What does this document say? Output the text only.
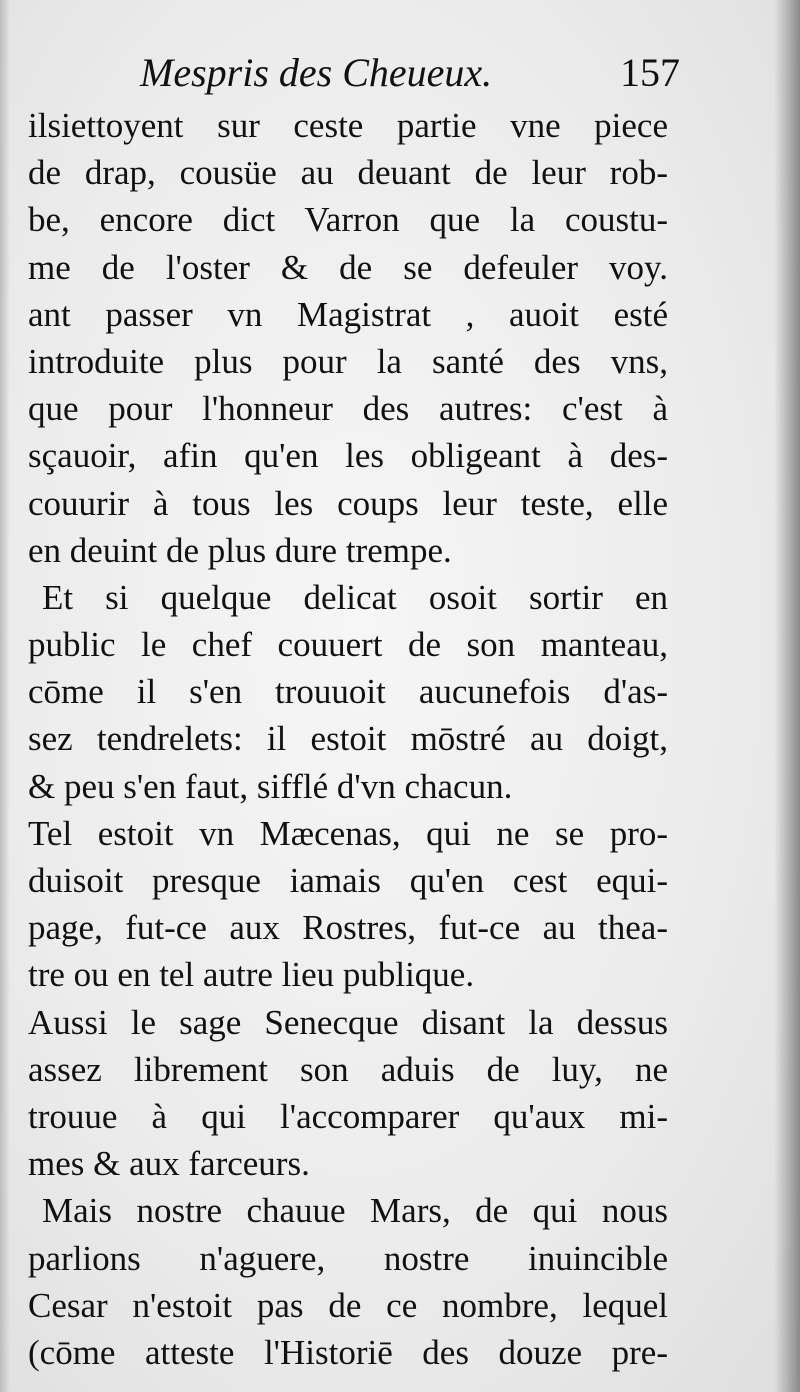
Mespris des Cheueux.	157
ilsiettoyent sur ceste partie vne piece
de drap, cousüe au deuant de leur rob-
be, encore dict Varron que la coustu-
me de l'oster & de se defeuler voy.
ant passer vn Magistrat , auoit esté
introduite plus pour la santé des vns,
que pour l'honneur des autres: c'est à
sçauoir, afin qu'en les obligeant à des-
couurir à tous les coups leur teste, elle
en deuint de plus dure trempe.
Et si quelque delicat osoit sortir en
public le chef couuert de son manteau,
cōme il s'en trouuoit aucunefois d'as-
sez tendrelets: il estoit mōstré au doigt,
& peu s'en faut, sifflé d'vn chacun.
Tel estoit vn Mæcenas, qui ne se pro-
duisoit presque iamais qu'en cest equi-
page, fut-ce aux Rostres, fut-ce au thea-
tre ou en tel autre lieu publique.
Aussi le sage Senecque disant la dessus
assez librement son aduis de luy, ne
trouue à qui l'accomparer qu'aux mi-
mes & aux farceurs.
Mais nostre chauue Mars, de qui nous
parlions n'aguere, nostre inuincible
Cesar n'estoit pas de ce nombre, lequel
(cōme atteste l'Historiē des douze pre-
